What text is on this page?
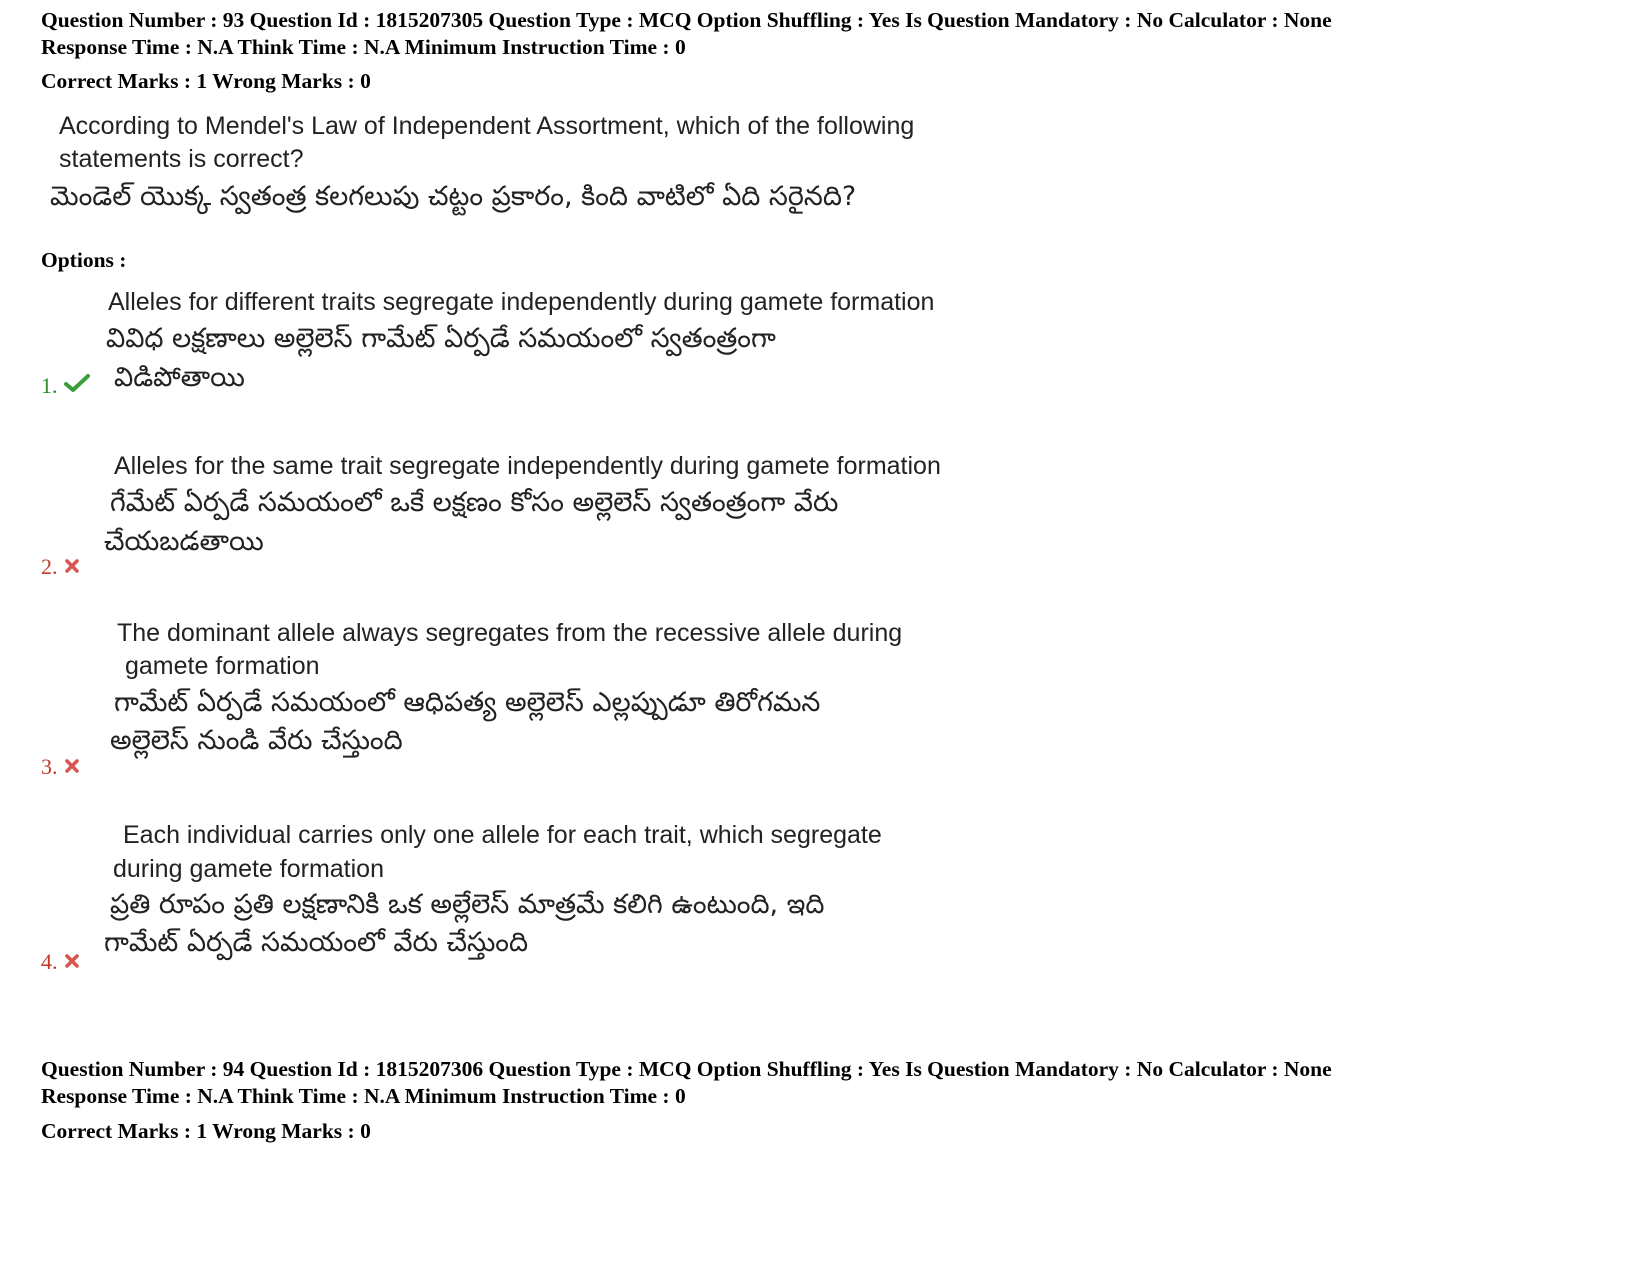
Question Number : 93 Question Id : 1815207305 Question Type : MCQ Option Shuffling : Yes Is Question Mandatory : No Calculator : None
Response Time : N.A Think Time : N.A Minimum Instruction Time : 0
Correct Marks : 1 Wrong Marks : 0
According to Mendel's Law of Independent Assortment, which of the following
statements is correct?
మెండెల్ యొక్క స్వతంత్ర కలగలుపు చట్టం ప్రకారం, కింది వాటిలో ఏది సరైనది?
Options :
Alleles for different traits segregate independently during gamete formation
వివిధ లక్షణాలు అల్లెలెస్ గామేట్ ఏర్పడే సమయంలో స్వతంత్రంగా
విడిపోతాయి
1.
Alleles for the same trait segregate independently during gamete formation
గేమేట్ ఏర్పడే సమయంలో ఒకే లక్షణం కోసం అల్లెలెస్ స్వతంత్రంగా వేరు
చేయబడతాయి
2.
The dominant allele always segregates from the recessive allele during
gamete formation
గామేట్ ఏర్పడే సమయంలో ఆధిపత్య అల్లెలెస్ ఎల్లప్పుడూ తిరోగమన
అల్లెలెస్ నుండి వేరు చేస్తుంది
3.
Each individual carries only one allele for each trait, which segregate
during gamete formation
ప్రతి రూపం ప్రతి లక్షణానికి ఒక అల్లేలెస్ మాత్రమే కలిగి ఉంటుంది, ఇది
గామేట్ ఏర్పడే సమయంలో వేరు చేస్తుంది
4.
Question Number : 94 Question Id : 1815207306 Question Type : MCQ Option Shuffling : Yes Is Question Mandatory : No Calculator : None
Response Time : N.A Think Time : N.A Minimum Instruction Time : 0
Correct Marks : 1 Wrong Marks : 0
